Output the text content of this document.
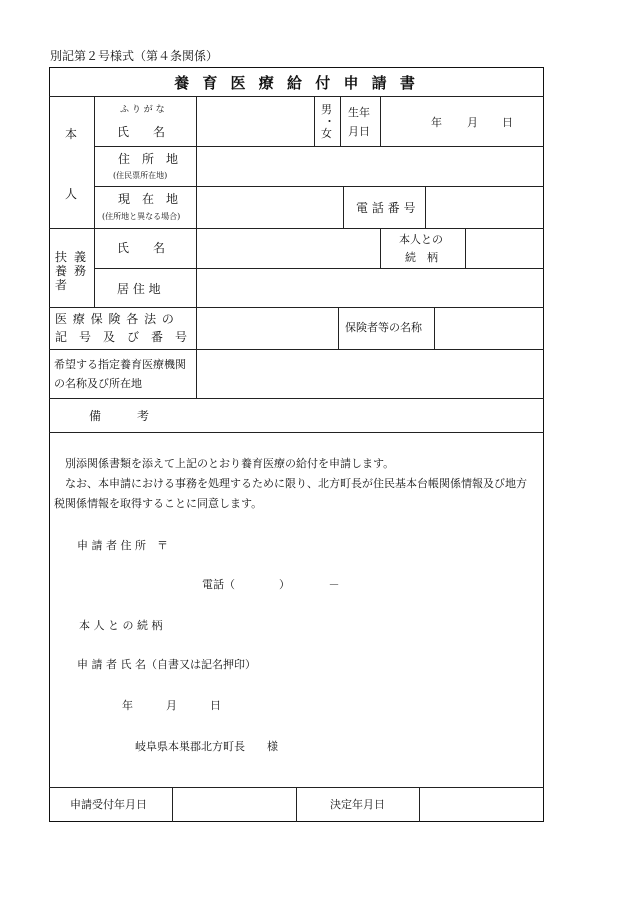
別記第２号様式（第４条関係）
養 育 医 療 給 付 申 請 書
本
人
ふ り が な
氏　　名
男
・
女
生年
月日
年 月 日
住　所　地
(住民票所在地)
現　在　地
(住所地と異なる場合)
電 話 番 号
扶
養
者
義
務
氏　　名
本人との
続　柄
居 住 地
医 療 保 険 各 法 の
記　号　及　び　番　号
保険者等の名称
希望する指定養育医療機関
の名称及び所在地
備　　　考
別添関係書類を添えて上記のとおり養育医療の給付を申請します。
なお、本申請における事務を処理するために限り、北方町長が住民基本台帳関係情報及び地方
税関係情報を取得することに同意します。
申 請 者 住 所　〒
電話（　　　　）　　　　－
本 人 と の 続 柄
申 請 者 氏 名（自書又は記名押印）
年　　　月　　　日
岐阜県本巣郡北方町長　　様
申請受付年月日	決定年月日
